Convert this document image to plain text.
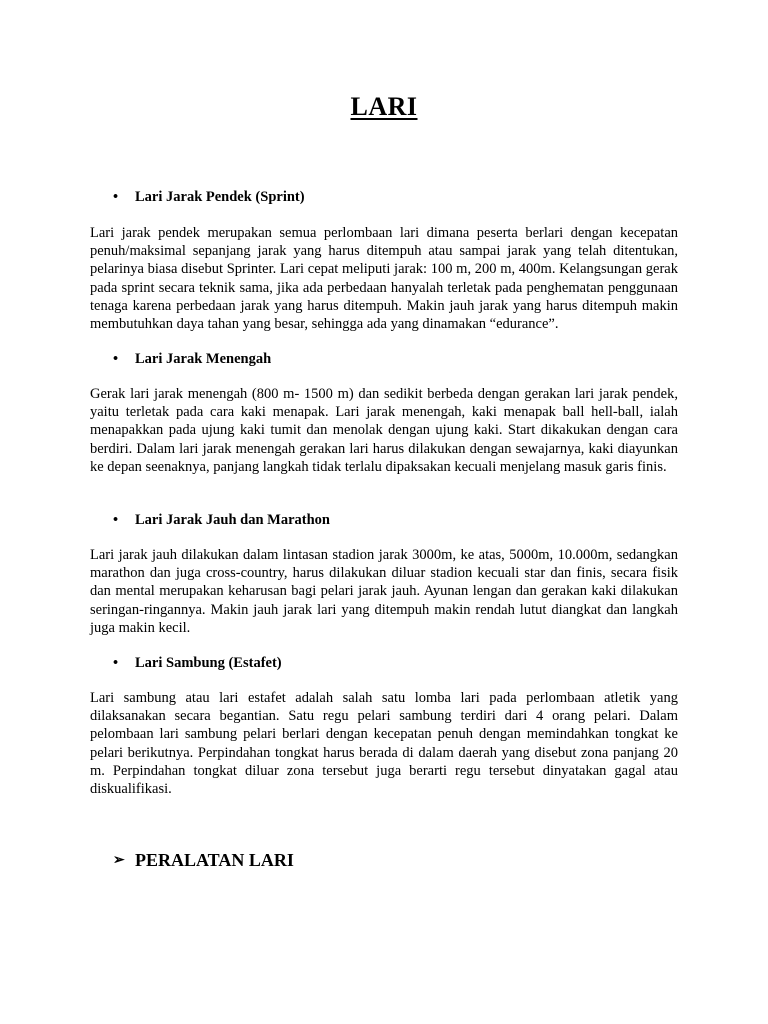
LARI
•	Lari Jarak Pendek (Sprint)

Lari jarak pendek merupakan semua perlombaan lari dimana peserta berlari dengan kecepatan penuh/maksimal sepanjang jarak yang harus ditempuh atau sampai jarak yang telah ditentukan, pelarinya biasa disebut Sprinter. Lari cepat meliputi jarak: 100 m, 200 m, 400m. Kelangsungan gerak pada sprint secara teknik sama, jika ada perbedaan hanyalah terletak pada penghematan penggunaan tenaga karena perbedaan jarak yang harus ditempuh. Makin jauh jarak yang harus ditempuh makin membutuhkan daya tahan yang besar, sehingga ada yang dinamakan “edurance”.

•	Lari Jarak Menengah

Gerak lari jarak menengah (800 m- 1500 m) dan sedikit berbeda dengan gerakan lari jarak pendek, yaitu terletak pada cara kaki menapak. Lari jarak menengah, kaki menapak ball hell-ball, ialah menapakkan pada ujung kaki tumit dan menolak dengan ujung kaki. Start dikakukan dengan cara berdiri. Dalam lari jarak menengah gerakan lari harus dilakukan dengan sewajarnya, kaki diayunkan ke depan seenaknya, panjang langkah tidak terlalu dipaksakan kecuali menjelang masuk garis finis.

•	Lari Jarak Jauh dan Marathon

Lari jarak jauh dilakukan dalam lintasan stadion jarak 3000m, ke atas, 5000m, 10.000m, sedangkan marathon dan juga cross-country, harus dilakukan diluar stadion kecuali star dan finis, secara fisik dan mental merupakan keharusan bagi pelari jarak jauh. Ayunan lengan dan gerakan kaki dilakukan seringan-ringannya. Makin jauh jarak lari yang ditempuh makin rendah lutut diangkat dan langkah juga makin kecil.

•	Lari Sambung (Estafet)

Lari sambung atau lari estafet adalah salah satu lomba lari pada perlombaan atletik yang dilaksanakan secara begantian. Satu regu pelari sambung terdiri dari 4 orang pelari. Dalam pelombaan lari sambung pelari berlari dengan kecepatan penuh dengan memindahkan tongkat ke pelari berikutnya. Perpindahan tongkat harus berada di dalam daerah yang disebut zona panjang 20 m. Perpindahan tongkat diluar zona tersebut juga berarti regu tersebut dinyatakan gagal atau diskualifikasi.

➢ PERALATAN LARI
